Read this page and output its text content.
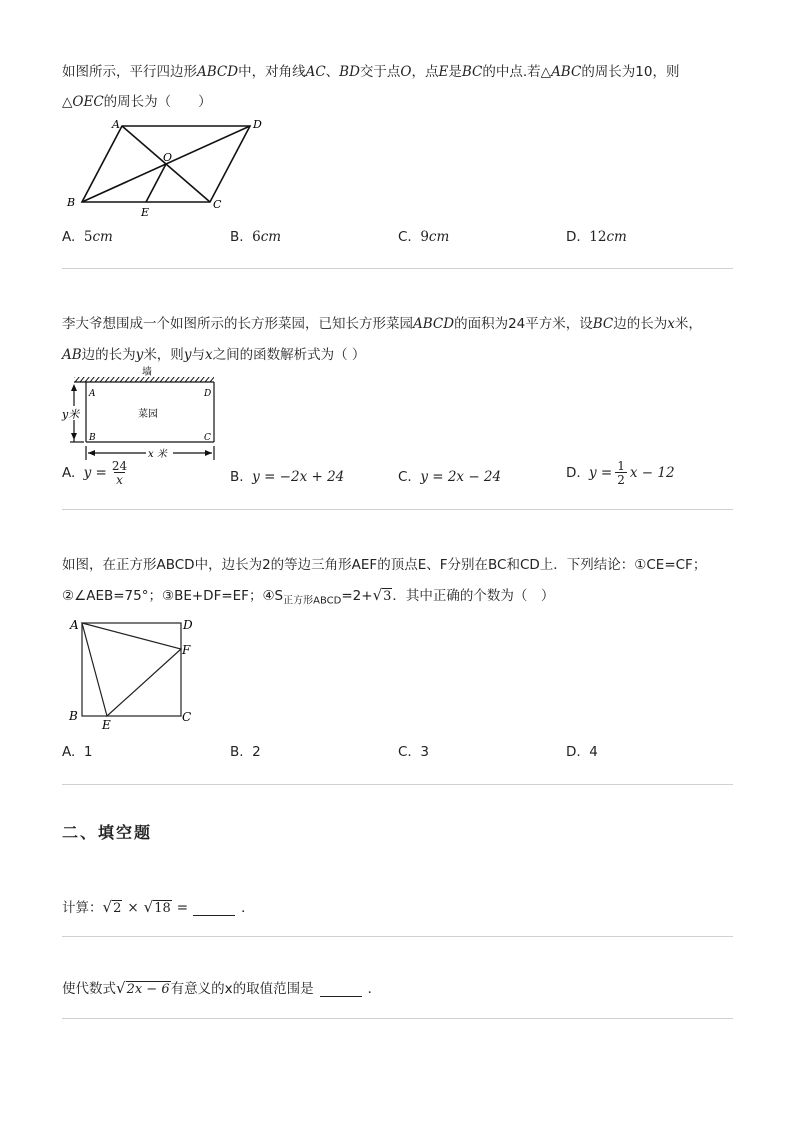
如图所示，平行四边形ABCD中，对角线AC、BD交于点O，点E是BC的中点.若△ABC的周长为10，则
△OEC的周长为（　　）
A	D
O
B
E
C
A. 5cm	B. 6cm	C. 9cm	D. 12cm
李大爷想围成一个如图所示的长方形菜园，已知长方形菜园ABCD的面积为24平方米，设BC边的长为x米，
AB边的长为y米，则y与x之间的函数解析式为（ ）
墙
y米
x 米
A	D
B	C
菜园
A.
$y = \frac{24}{x}$	B. y = −2x + 24	C. y = 2x − 24	D.
$y = \frac{1}{2}$ x − 12
如图，在正方形ABCD中，边长为2的等边三角形AEF的顶点E、F分别在BC和CD上．下列结论：①CE=CF；
②∠AEB=75°；③BE+DF=EF；$④S_{正方形ABCD}=2+$ √ 3 ．其中正确的个数为（　）
A	D
F
B	C
E
A. 1	B. 2	C. 3	D. 4
二、填空题
计算： √ 2 × √ 18 =	．
使代数式 √ 2x − 6 有意义的x的取值范围是	．
